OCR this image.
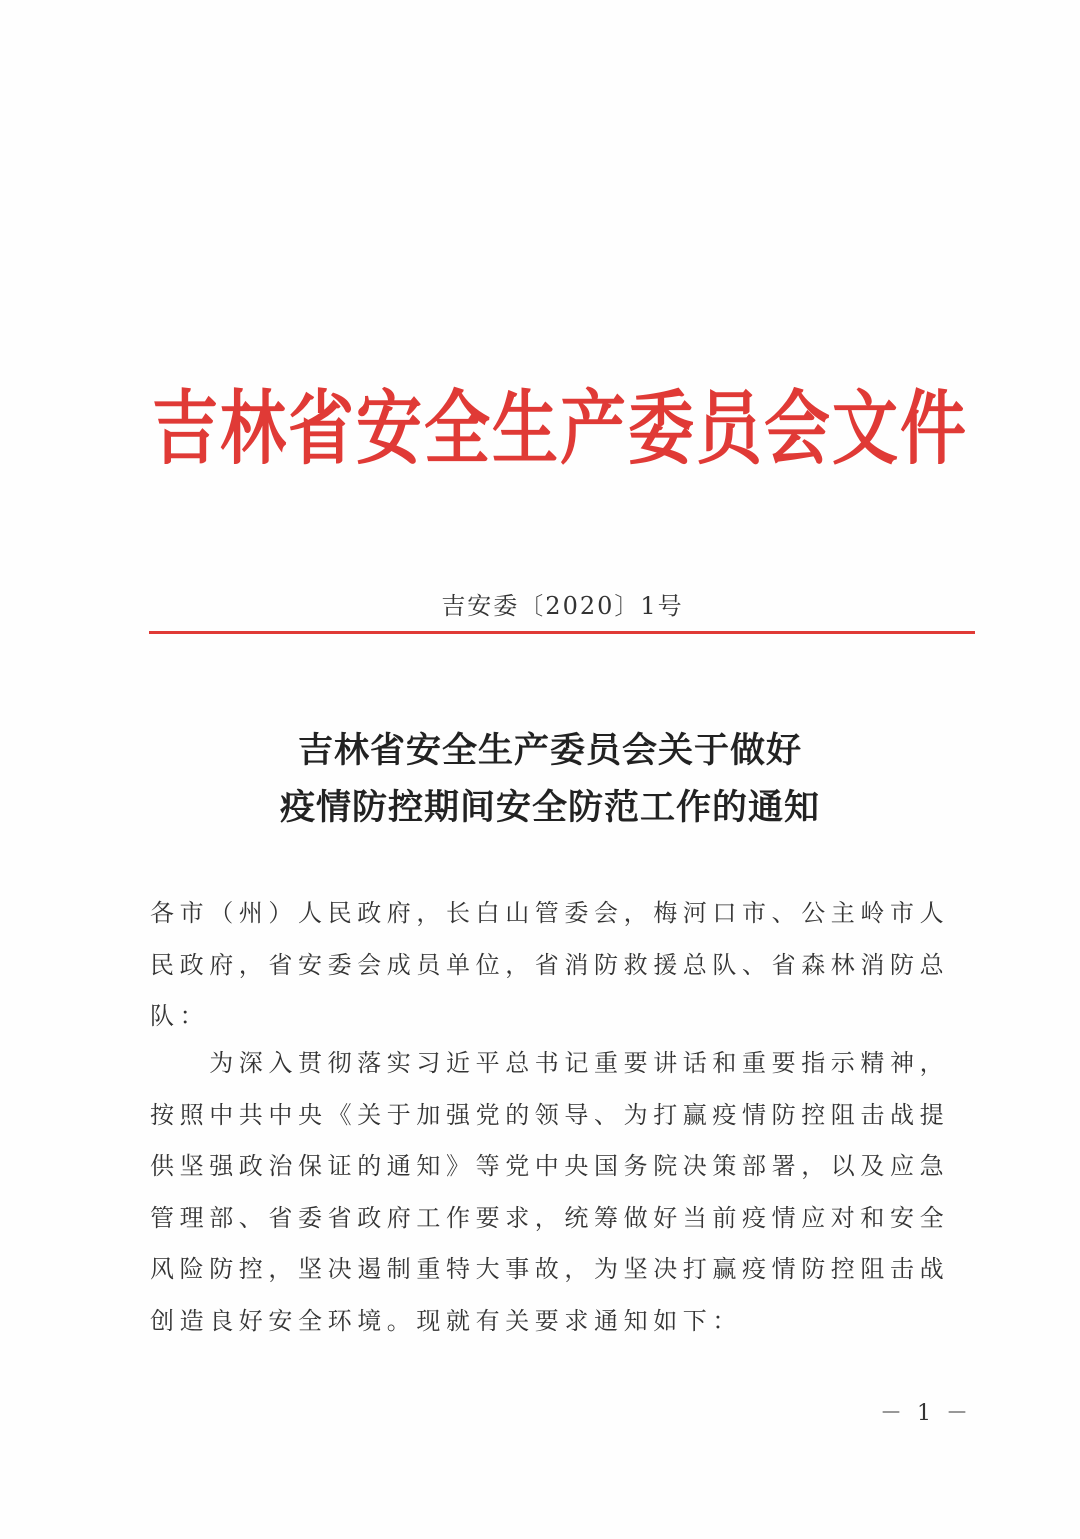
吉林省安全生产委员会文件
吉安委〔2020〕1号
吉林省安全生产委员会关于做好
疫情防控期间安全防范工作的通知
各市（州）人民政府，长白山管委会，梅河口市、公主岭市人
民政府，省安委会成员单位，省消防救援总队、省森林消防总
队：
　　为深入贯彻落实习近平总书记重要讲话和重要指示精神，
按照中共中央《关于加强党的领导、为打赢疫情防控阻击战提
供坚强政治保证的通知》等党中央国务院决策部署，以及应急
管理部、省委省政府工作要求，统筹做好当前疫情应对和安全
风险防控，坚决遏制重特大事故，为坚决打赢疫情防控阻击战
创造良好安全环境。现就有关要求通知如下：
－ 1 －
